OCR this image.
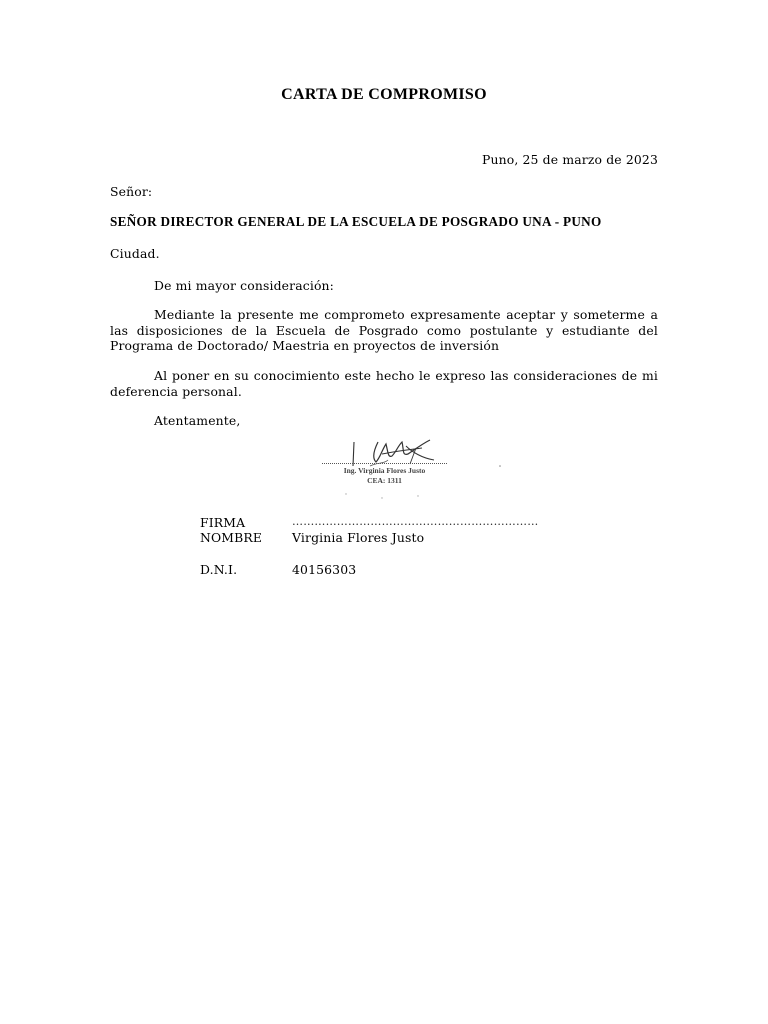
CARTA DE COMPROMISO
Puno, 25 de marzo de 2023
Señor:
SEÑOR DIRECTOR GENERAL DE LA ESCUELA DE POSGRADO UNA - PUNO
Ciudad.
De mi mayor consideración:
Mediante la presente me comprometo expresamente aceptar y someterme a las disposiciones de la Escuela de Posgrado como postulante y estudiante del Programa de Doctorado/ Maestria en proyectos de inversión
Al poner en su conocimiento este hecho le expreso las consideraciones de mi deferencia personal.
Atentamente,
Ing. Virginia Flores Justo
CEA: 1311
FIRMA	…………………………………………………………
NOMBRE Virginia Flores Justo
D.N.I.	40156303
